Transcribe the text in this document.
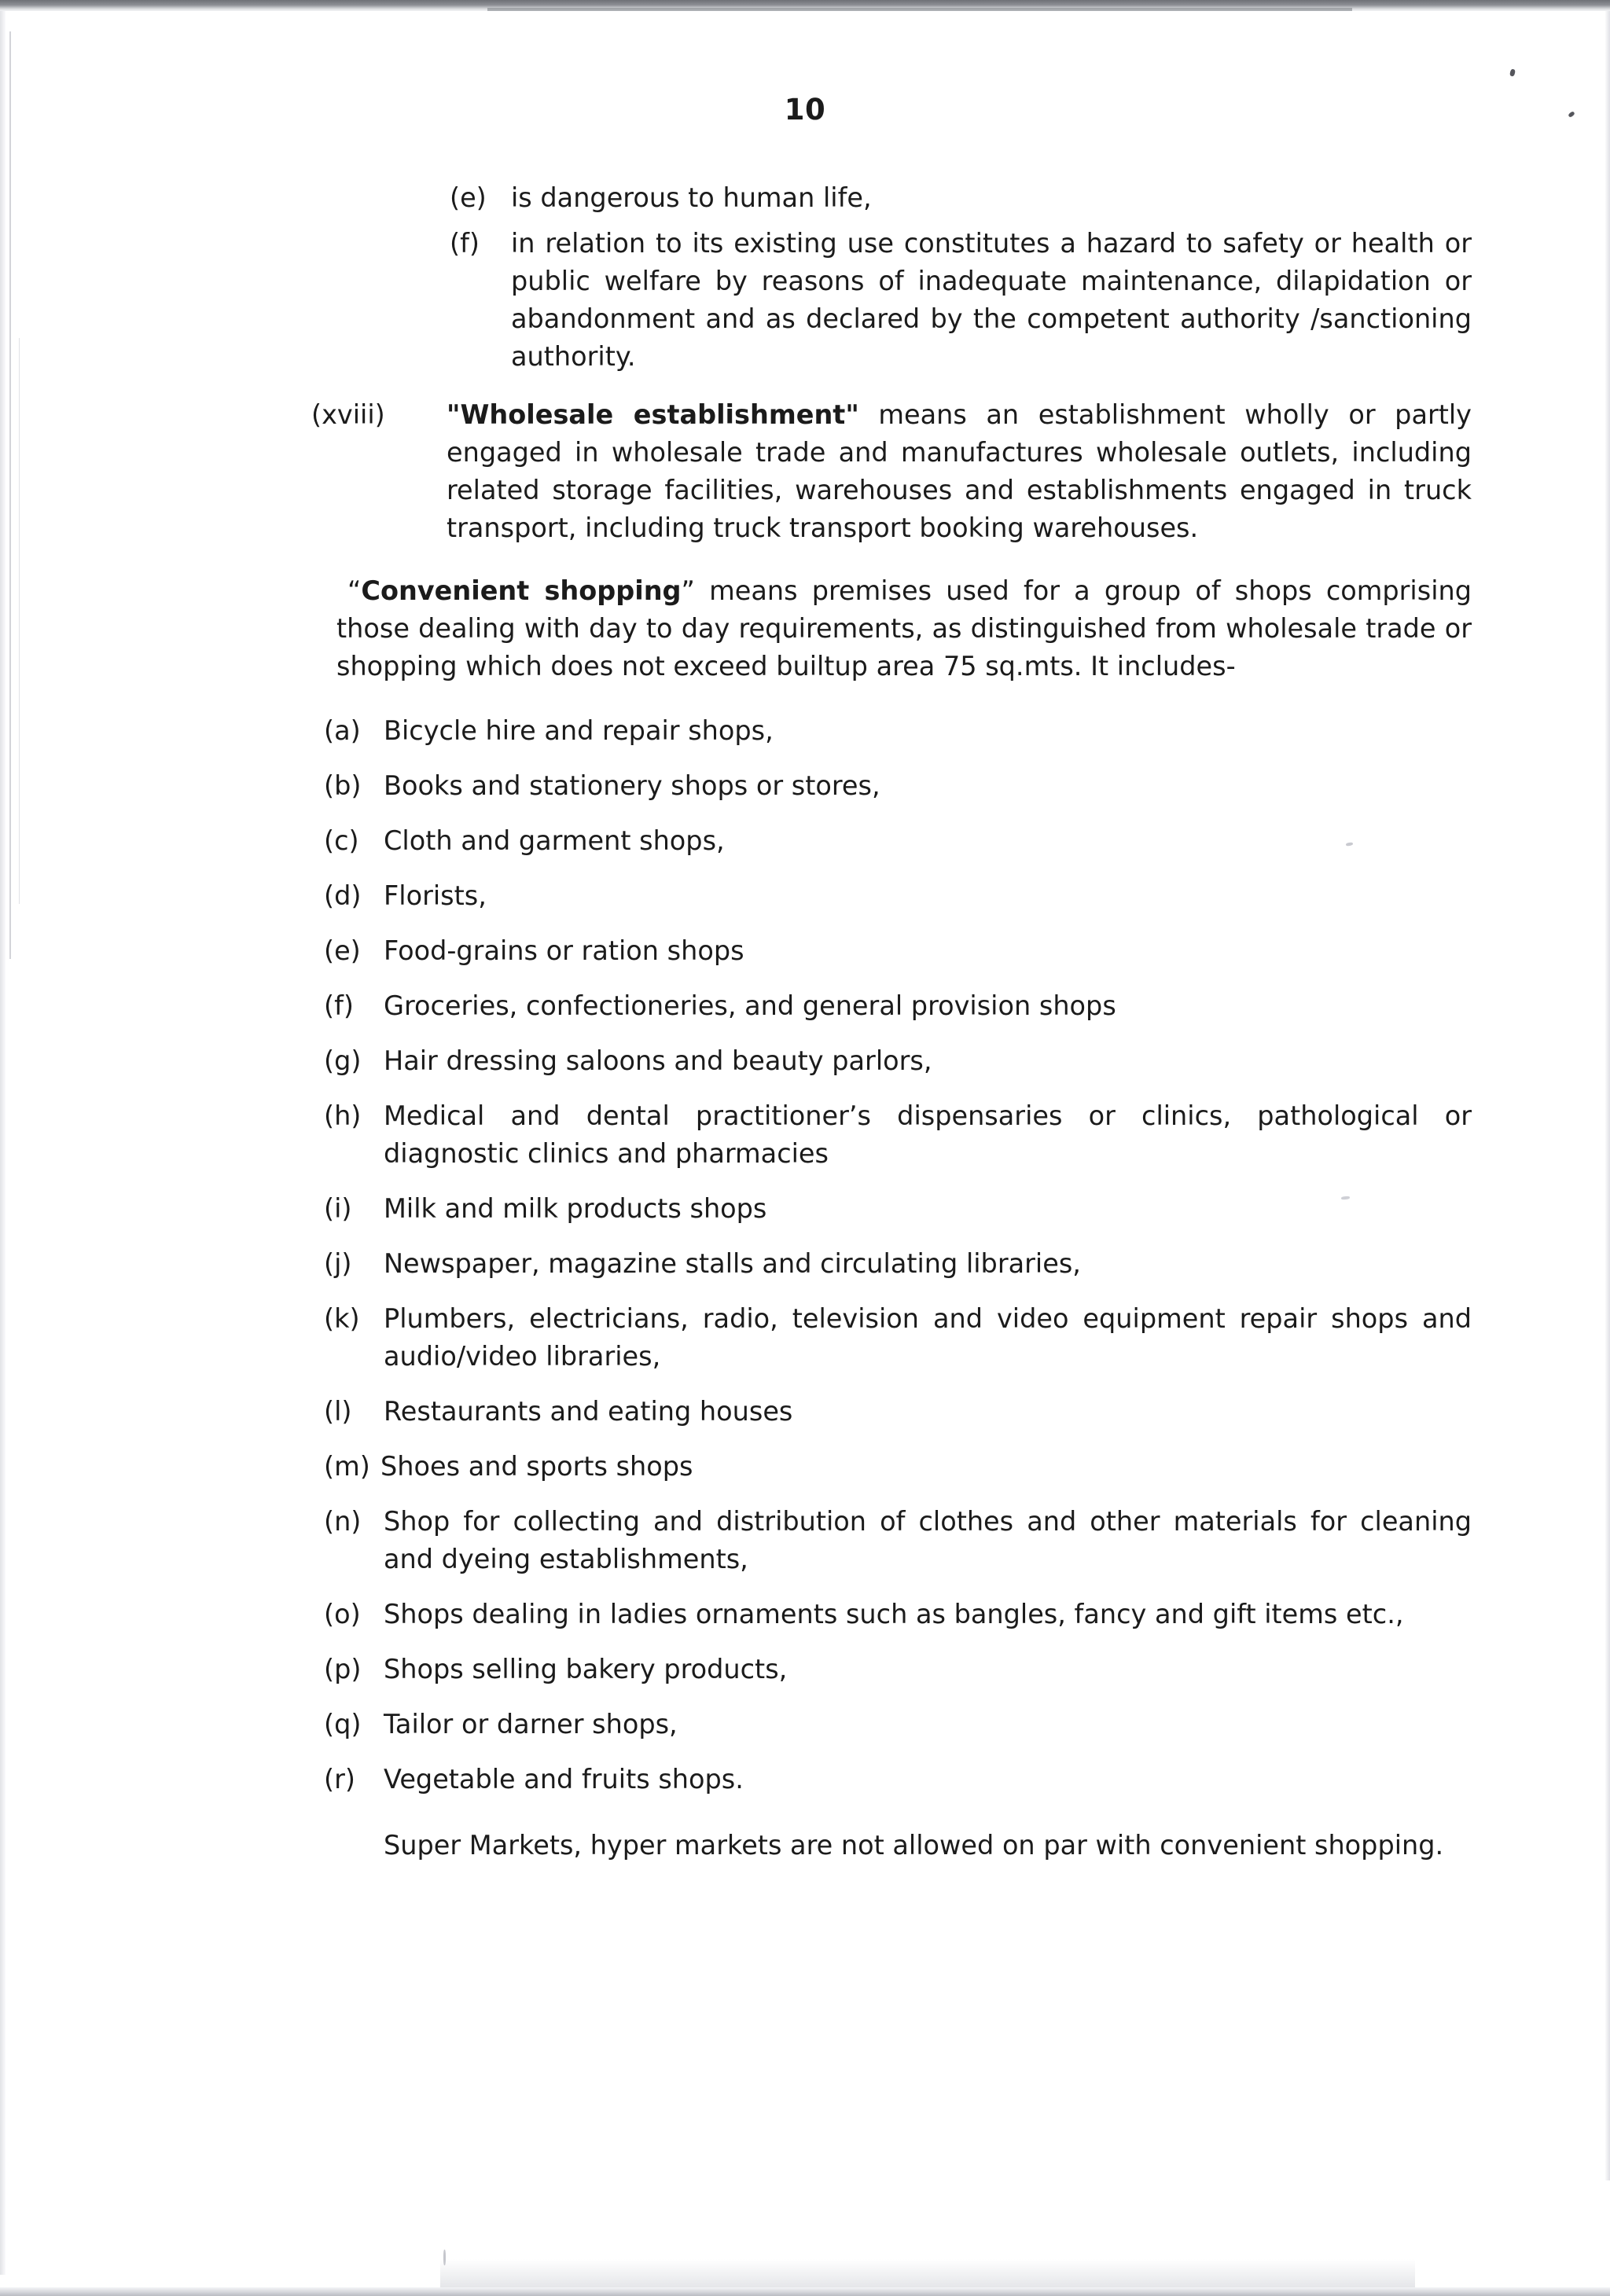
10
(e) is dangerous to human life,
(f)	in relation to its existing use constitutes a hazard to safety or health or public welfare by reasons of inadequate maintenance, dilapidation or abandonment and as declared by the competent authority /sanctioning authority.
(xviii)	"Wholesale establishment" means an establishment wholly or partly engaged in wholesale trade and manufactures wholesale outlets, including related storage facilities, warehouses and establishments engaged in truck transport, including truck transport booking warehouses.
“Convenient shopping” means premises used for a group of shops comprising those dealing with day to day requirements, as distinguished from wholesale trade or shopping which does not exceed builtup area 75 sq.mts. It includes-
(a) Bicycle hire and repair shops,
(b) Books and stationery shops or stores,
(c) Cloth and garment shops,
(d) Florists,
(e) Food-grains or ration shops
(f)	Groceries, confectioneries, and general provision shops
(g) Hair dressing saloons and beauty parlors,
(h) Medical and dental practitioner’s dispensaries or clinics, pathological or diagnostic clinics and pharmacies
(i)	Milk and milk products shops
(j)	Newspaper, magazine stalls and circulating libraries,
(k) Plumbers, electricians, radio, television and video equipment repair shops and audio/video libraries,
(l)	Restaurants and eating houses
(m) Shoes and sports shops
(n) Shop for collecting and distribution of clothes and other materials for cleaning and dyeing establishments,
(o) Shops dealing in ladies ornaments such as bangles, fancy and gift items etc.,
(p) Shops selling bakery products,
(q) Tailor or darner shops,
(r)	Vegetable and fruits shops.
Super Markets, hyper markets are not allowed on par with convenient shopping.
